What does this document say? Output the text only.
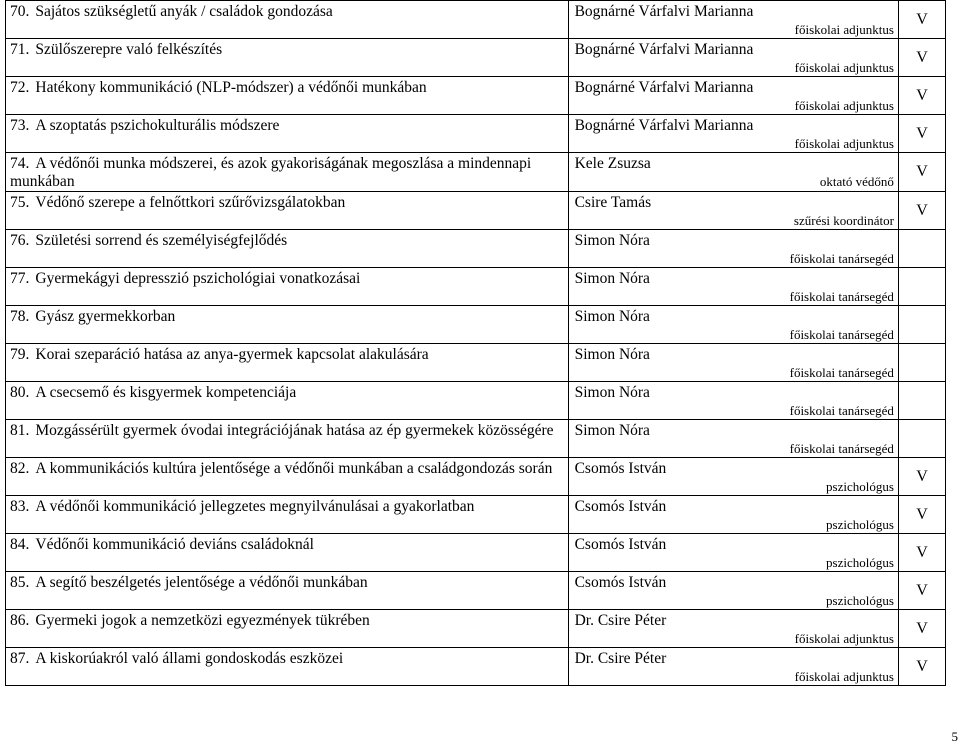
70. Sajátos szükségletű anyák / családok gondozása	Bognárné Várfalvi Marianna
főiskolai adjunktus	V
71. Szülőszerepre való felkészítés	Bognárné Várfalvi Marianna
főiskolai adjunktus	V
72. Hatékony kommunikáció (NLP-módszer) a védőnői munkában	Bognárné Várfalvi Marianna
főiskolai adjunktus	V
73. A szoptatás pszichokulturális módszere	Bognárné Várfalvi Marianna
főiskolai adjunktus	V
74. A védőnői munka módszerei, és azok gyakoriságának megoszlása a mindennapi munkában	Kele Zsuzsa
oktató védőnő	V
75. Védőnő szerepe a felnőttkori szűrővizsgálatokban	Csire Tamás
szűrési koordinátor	V
76. Születési sorrend és személyiségfejlődés	Simon Nóra
főiskolai tanársegéd	

77. Gyermekágyi depresszió pszichológiai vonatkozásai	Simon Nóra
főiskolai tanársegéd	

78. Gyász gyermekkorban	Simon Nóra
főiskolai tanársegéd	

79. Korai szeparáció hatása az anya-gyermek kapcsolat alakulására	Simon Nóra
főiskolai tanársegéd	

80. A csecsemő és kisgyermek kompetenciája	Simon Nóra
főiskolai tanársegéd	

81. Mozgássérült gyermek óvodai integrációjának hatása az ép gyermekek közösségére	Simon Nóra
főiskolai tanársegéd	

82. A kommunikációs kultúra jelentősége a védőnői munkában a családgondozás során	Csomós István
pszichológus	V
83. A védőnői kommunikáció jellegzetes megnyilvánulásai a gyakorlatban	Csomós István
pszichológus	V
84. Védőnői kommunikáció deviáns családoknál	Csomós István
pszichológus	V
85. A segítő beszélgetés jelentősége a védőnői munkában	Csomós István
pszichológus	V
86. Gyermeki jogok a nemzetközi egyezmények tükrében	Dr. Csire Péter
főiskolai adjunktus	V
87. A kiskorúakról való állami gondoskodás eszközei	Dr. Csire Péter
főiskolai adjunktus	V
5
